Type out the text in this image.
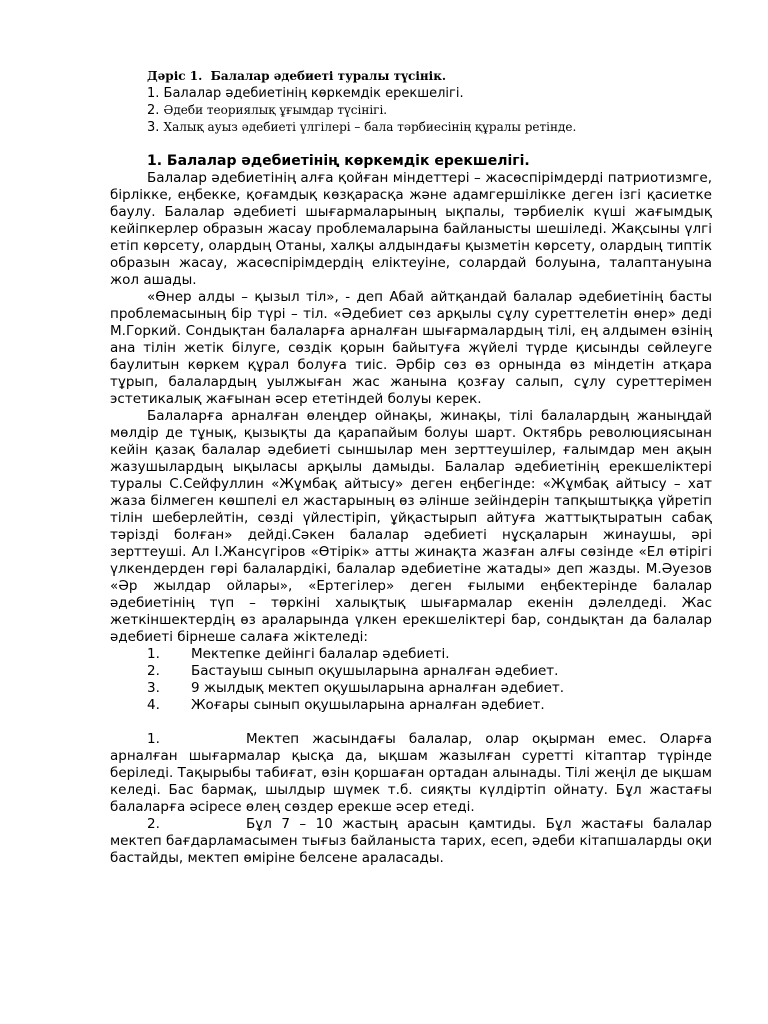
Дәріс 1.  Балалар әдебиеті туралы түсінік.
1. Балалар әдебиетінің көркемдік ерекшелігі.
2. Әдеби теориялық ұғымдар түсінігі.
3. Халық ауыз әдебиеті үлгілері – бала тәрбиесінің құралы ретінде.

1. Балалар әдебиетінің көркемдік ерекшелігі.

Балалар әдебиетінің алға қойған міндеттері – жасөспірімдерді патриотизмге, бірлікке, еңбекке, қоғамдық көзқарасқа және адамгершілікке деген ізгі қасиетке баулу. Балалар әдебиеті шығармаларының ықпалы, тәрбиелік күші жағымдық кейіпкерлер образын жасау проблемаларына байланысты шешіледі. Жақсыны үлгі етіп көрсету, олардың Отаны, халқы алдындағы қызметін көрсету, олардың типтік образын жасау, жасөспірімдердің еліктеуіне, солардай болуына, талаптануына жол ашады.

«Өнер алды – қызыл тіл», - деп Абай айтқандай балалар әдебиетінің басты проблемасының бір түрі – тіл. «Әдебиет сөз арқылы сұлу суреттелетін өнер» деді М.Горкий. Сондықтан балаларға арналған шығармалардың тілі, ең алдымен өзінің ана тілін жетік білуге, сөздік қорын байытуға жүйелі түрде қисынды сөйлеуге баулитын көркем құрал болуға тиіс. Әрбір сөз өз орнында өз міндетін атқара тұрып, балалардың уылжыған жас жанына қозғау салып, сұлу суреттерімен эстетикалық жағынан әсер ететіндей болуы керек.

Балаларға арналған өлеңдер ойнақы, жинақы, тілі балалардың жаныңдай мөлдір де тұнық, қызықты да қарапайым болуы шарт. Октябрь революциясынан кейін қазақ балалар әдебиеті сыншылар мен зерттеушілер, ғалымдар мен ақын жазушылардың ықыласы арқылы дамыды. Балалар әдебиетінің ерекшеліктері туралы С.Сейфуллин «Жұмбақ айтысу» деген еңбегінде: «Жұмбақ айтысу – хат жаза білмеген көшпелі ел жастарының өз әлінше зейіндерін тапқыштыққа үйретіп тілін шеберлейтін, сөзді үйлестіріп, ұйқастырып айтуға жаттықтыратын сабақ тәрізді болған» дейді.Сәкен балалар әдебиеті нұсқаларын жинаушы, әрі зерттеуші. Ал І.Жансүгіров «Өтірік» атты жинақта жазған алғы сөзінде «Ел өтірігі үлкендерден гөрі балалардікі, балалар әдебиетіне жатады» деп жазды. М.Әуезов «Әр жылдар ойлары», «Ертегілер» деген ғылыми еңбектерінде балалар әдебиетінің түп – төркіні халықтық шығармалар екенін дәлелдеді. Жас жеткіншектердің өз араларында үлкен ерекшеліктері бар, сондықтан да балалар әдебиеті бірнеше салаға жіктеледі:

1.	Мектепке дейінгі балалар әдебиеті.
2.	Бастауыш сынып оқушыларына арналған әдебиет.
3.	9 жылдық мектеп оқушыларына арналған әдебиет.
4.	Жоғары сынып оқушыларына арналған әдебиет.

1.	Мектеп жасындағы балалар, олар оқырман емес. Оларға арналған шығармалар қысқа да, ықшам жазылған суретті кітаптар түрінде беріледі. Тақырыбы табиғат, өзін қоршаған ортадан алынады. Тілі жеңіл де ықшам келеді. Бас бармақ, шылдыр шүмек т.б. сияқты күлдіртіп ойнату. Бұл жастағы балаларға әсіресе өлең сөздер ерекше әсер етеді.

2.	Бұл 7 – 10 жастың арасын қамтиды. Бұл жастағы балалар мектеп бағдарламасымен тығыз байланыста тарих, есеп, әдеби кітапшаларды оқи бастайды, мектеп өміріне белсене араласады.
